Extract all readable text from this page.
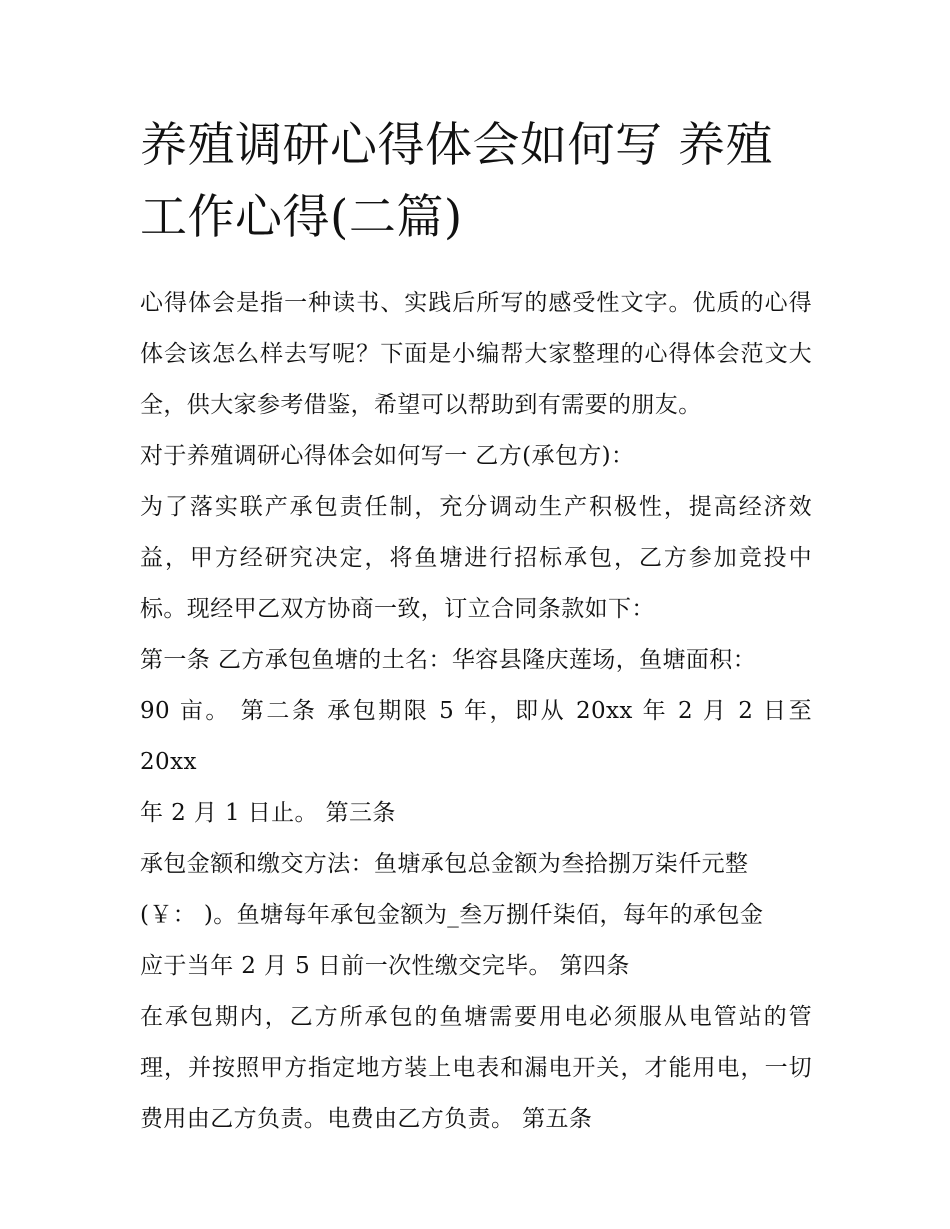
养殖调研心得体会如何写 养殖工作心得(二篇)

心得体会是指一种读书、实践后所写的感受性文字。优质的心得体会该怎么样去写呢？下面是小编帮大家整理的心得体会范文大全，供大家参考借鉴，希望可以帮助到有需要的朋友。

对于养殖调研心得体会如何写一 乙方(承包方)：

为了落实联产承包责任制，充分调动生产积极性，提高经济效益，甲方经研究决定，将鱼塘进行招标承包，乙方参加竞投中标。现经甲乙双方协商一致，订立合同条款如下：

第一条 乙方承包鱼塘的土名：华容县隆庆莲场，鱼塘面积：
90 亩。 第二条 承包期限 5 年，即从 20xx 年 2 月 2 日至 20xx
年 2 月 1 日止。 第三条

承包金额和缴交方法：鱼塘承包总金额为叁拾捌万柒仟元整
(￥： )。鱼塘每年承包金额为_叁万捌仟柒佰，每年的承包金
应于当年 2 月 5 日前一次性缴交完毕。 第四条

在承包期内，乙方所承包的鱼塘需要用电必须服从电管站的管理，并按照甲方指定地方装上电表和漏电开关，才能用电，一切费用由乙方负责。电费由乙方负责。 第五条
